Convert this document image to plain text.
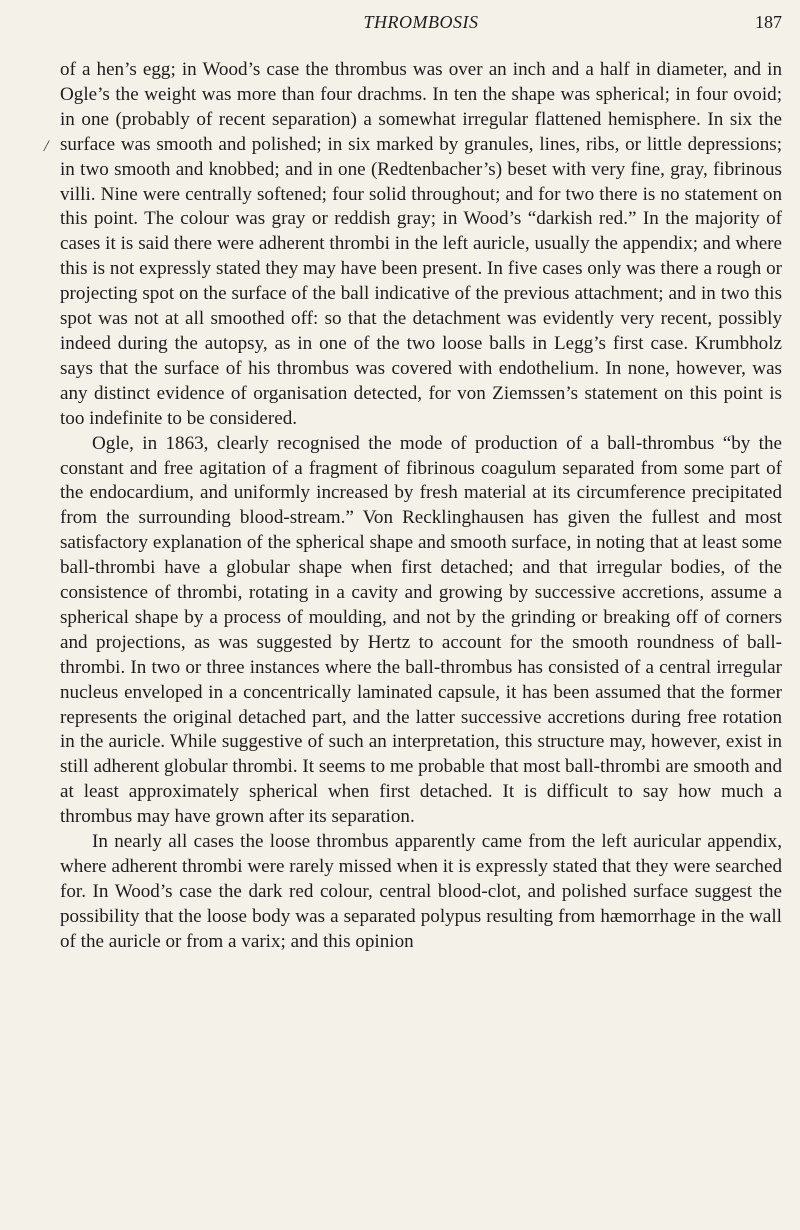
THROMBOSIS	187
/

of a hen’s egg; in Wood’s case the thrombus was over an inch and a half in diameter, and in Ogle’s the weight was more than four drachms. In ten the shape was spherical; in four ovoid; in one (probably of recent separation) a somewhat irregular flattened hemisphere. In six the surface was smooth and polished; in six marked by granules, lines, ribs, or little depressions; in two smooth and knobbed; and in one (Redtenbacher’s) beset with very fine, gray, fibrinous villi. Nine were centrally softened; four solid throughout; and for two there is no statement on this point. The colour was gray or reddish gray; in Wood’s “darkish red.” In the majority of cases it is said there were adherent thrombi in the left auricle, usually the appendix; and where this is not expressly stated they may have been present. In five cases only was there a rough or projecting spot on the surface of the ball indicative of the previous attachment; and in two this spot was not at all smoothed off: so that the detachment was evidently very recent, possibly indeed during the autopsy, as in one of the two loose balls in Legg’s first case. Krumbholz says that the surface of his thrombus was covered with endothelium. In none, however, was any distinct evidence of organisation detected, for von Ziemssen’s statement on this point is too indefinite to be considered.

Ogle, in 1863, clearly recognised the mode of production of a ball-thrombus “by the constant and free agitation of a fragment of fibrinous coagulum separated from some part of the endocardium, and uniformly increased by fresh material at its circumference precipitated from the surrounding blood-stream.” Von Recklinghausen has given the fullest and most satisfactory explanation of the spherical shape and smooth surface, in noting that at least some ball-thrombi have a globular shape when first detached; and that irregular bodies, of the consistence of thrombi, rotating in a cavity and growing by successive accretions, assume a spherical shape by a process of moulding, and not by the grinding or breaking off of corners and projections, as was suggested by Hertz to account for the smooth roundness of ball-thrombi. In two or three instances where the ball-thrombus has consisted of a central irregular nucleus enveloped in a concentrically laminated capsule, it has been assumed that the former represents the original detached part, and the latter successive accretions during free rotation in the auricle. While suggestive of such an interpretation, this structure may, however, exist in still adherent globular thrombi. It seems to me probable that most ball-thrombi are smooth and at least approximately spherical when first detached. It is difficult to say how much a thrombus may have grown after its separation.

In nearly all cases the loose thrombus apparently came from the left auricular appendix, where adherent thrombi were rarely missed when it is expressly stated that they were searched for. In Wood’s case the dark red colour, central blood-clot, and polished surface suggest the possibility that the loose body was a separated polypus resulting from hæmorrhage in the wall of the auricle or from a varix; and this opinion
